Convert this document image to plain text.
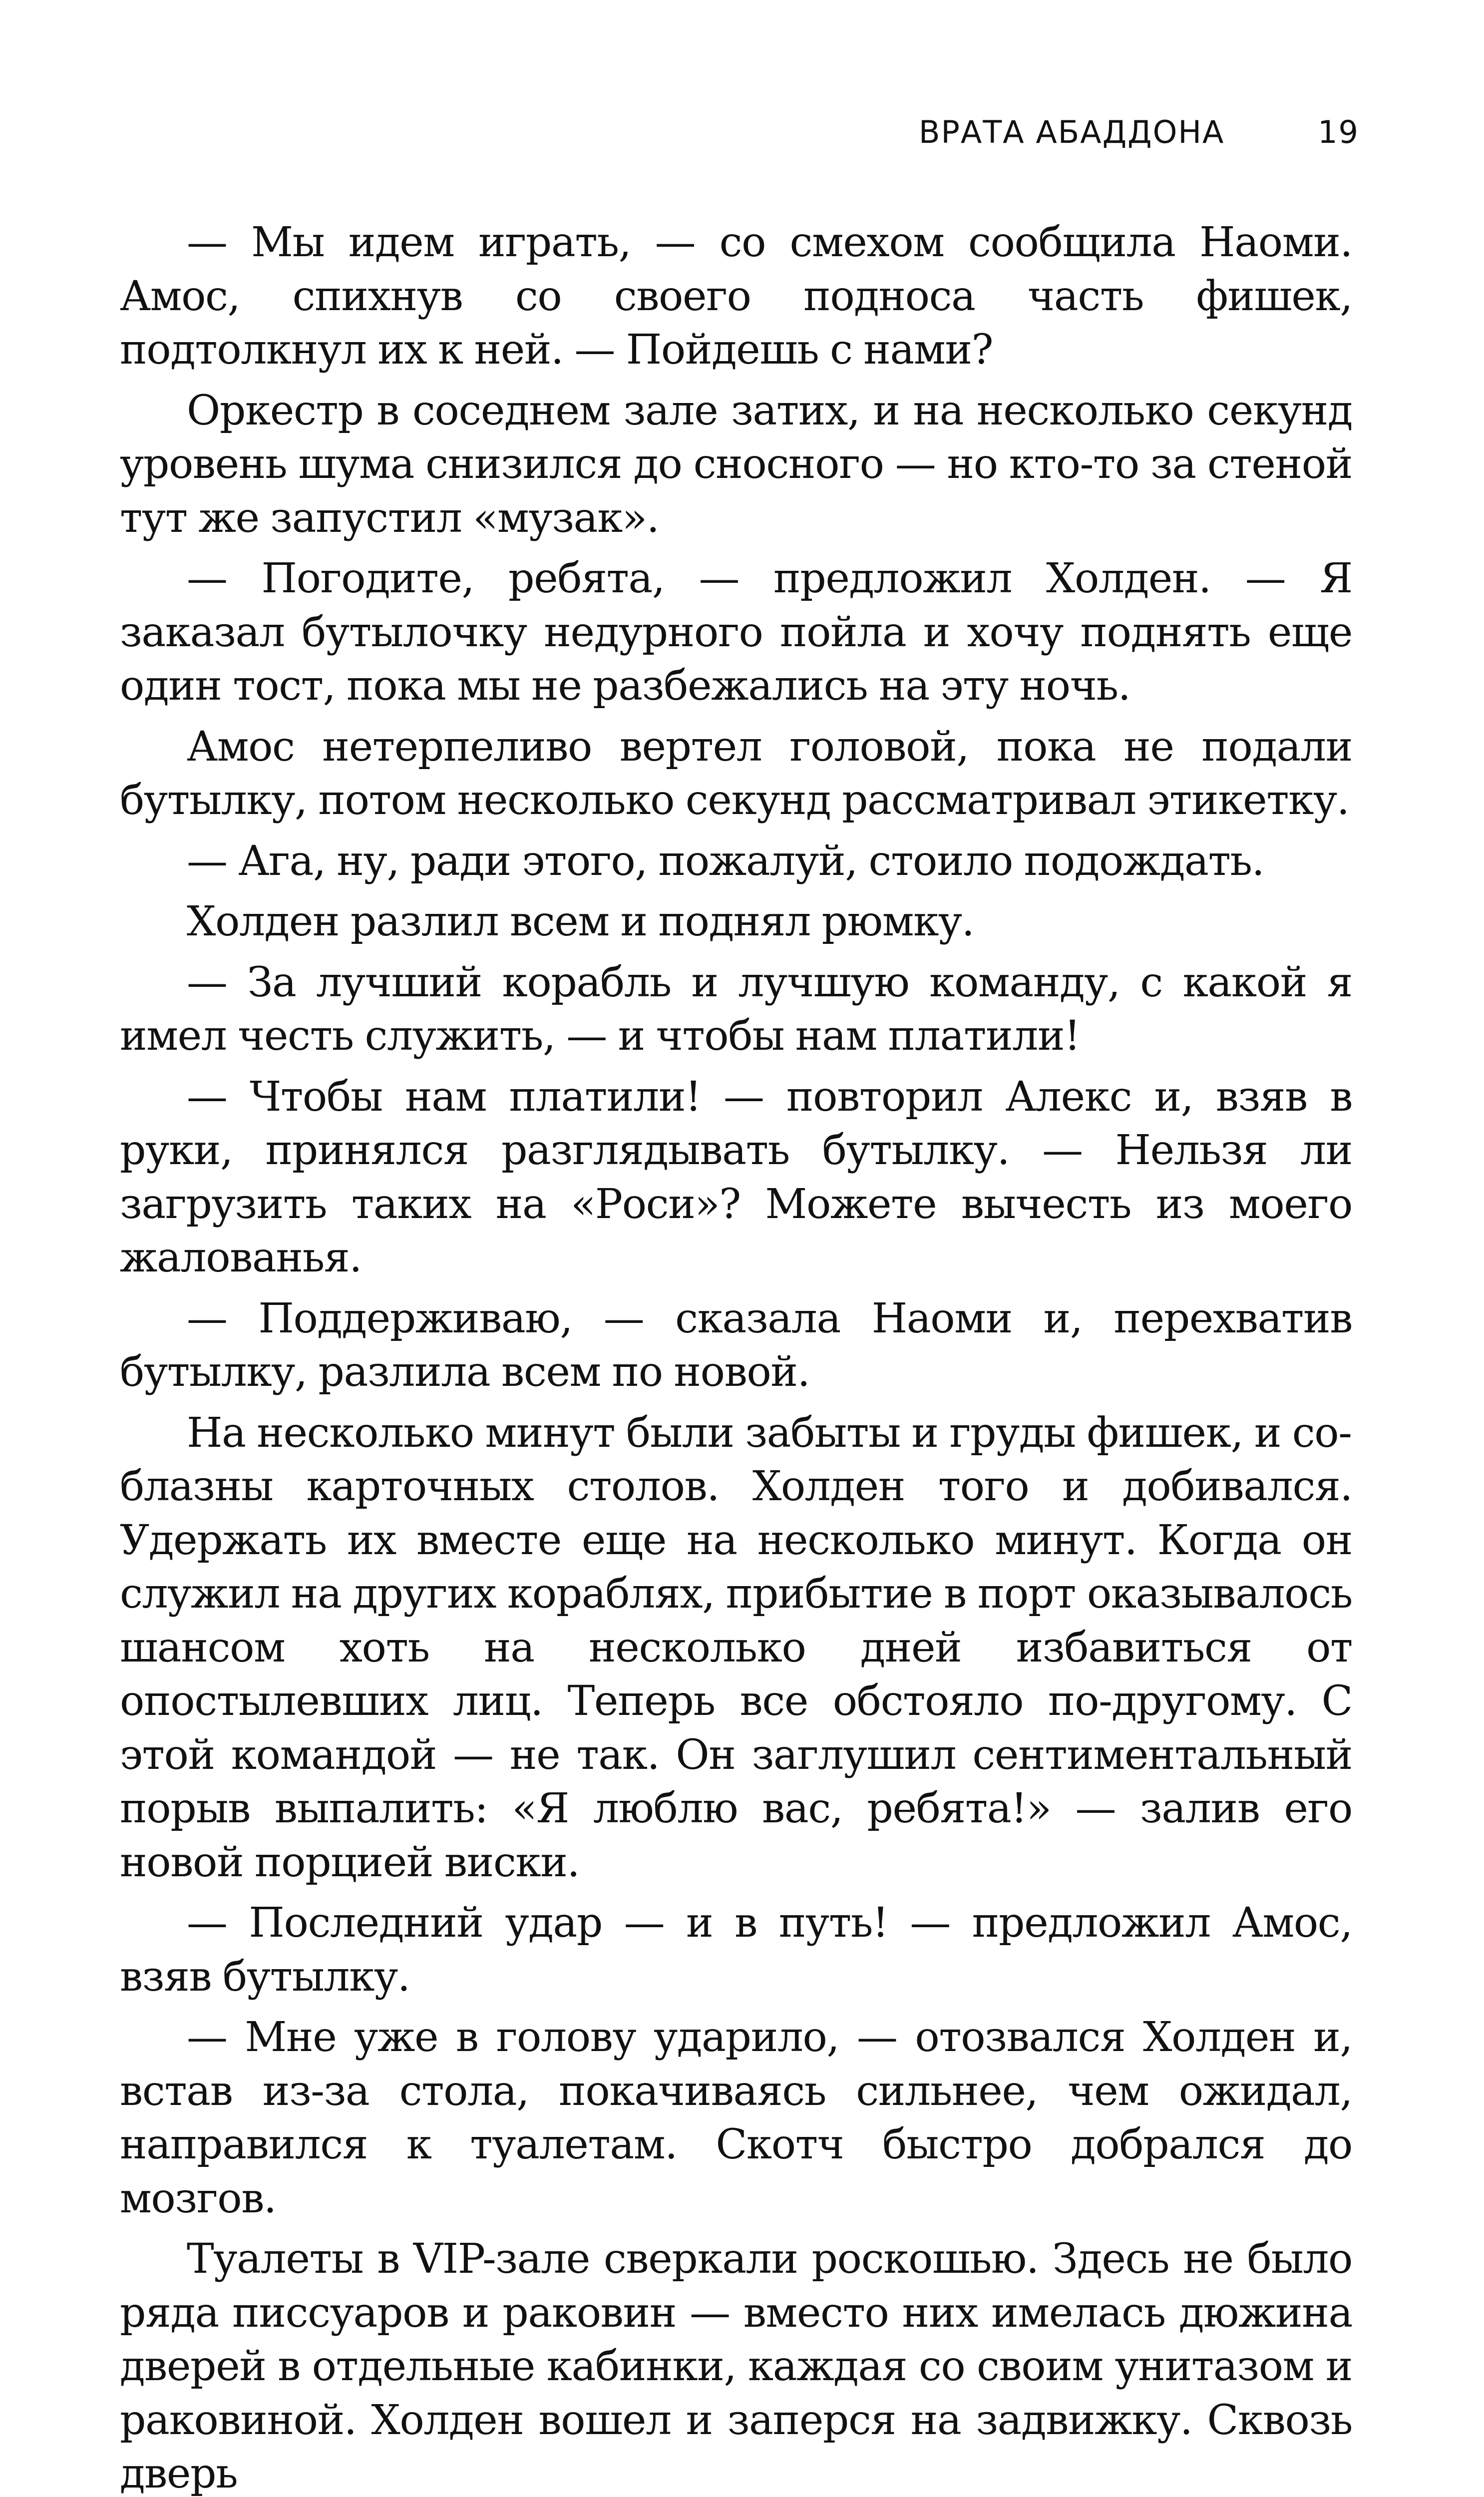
ВРАТА АБАДДОНА	19

— Мы идем играть, — со смехом сообщила Наоми. Амос, спихнув со своего подноса часть фишек, подтолкнул их к ней. — Пойдешь с нами?

Оркестр в соседнем зале затих, и на несколько секунд уровень шума снизился до сносного — но кто-то за стеной тут же запустил «музак».

— Погодите, ребята, — предложил Холден. — Я заказал бутылочку недурного пойла и хочу поднять еще один тост, пока мы не разбежались на эту ночь.

Амос нетерпеливо вертел головой, пока не подали бутылку, потом несколько секунд рассматривал этикетку.

— Ага, ну, ради этого, пожалуй, стоило подождать.

Холден разлил всем и поднял рюмку.

— За лучший корабль и лучшую команду, с какой я имел честь служить, — и чтобы нам платили!

— Чтобы нам платили! — повторил Алекс и, взяв в руки, принялся разглядывать бутылку. — Нельзя ли загрузить таких на «Роси»? Можете вычесть из моего жалованья.

— Поддерживаю, — сказала Наоми и, перехватив бутылку, разлила всем по новой.

На несколько минут были забыты и груды фишек, и соблазны карточных столов. Холден того и добивался. Удержать их вместе еще на несколько минут. Когда он служил на других кораблях, прибытие в порт оказывалось шансом хоть на несколько дней избавиться от опостылевших лиц. Теперь все обстояло по-другому. С этой командой — не так. Он заглушил сентиментальный порыв выпалить: «Я люблю вас, ребята!» — залив его новой порцией виски.

— Последний удар — и в путь! — предложил Амос, взяв бутылку.

— Мне уже в голову ударило, — отозвался Холден и, встав из-за стола, покачиваясь сильнее, чем ожидал, направился к туалетам. Скотч быстро добрался до мозгов.

Туалеты в VIP-зале сверкали роскошью. Здесь не было ряда писсуаров и раковин — вместо них имелась дюжина дверей в отдельные кабинки, каждая со своим унитазом и раковиной. Холден вошел и заперся на задвижку. Сквозь дверь
